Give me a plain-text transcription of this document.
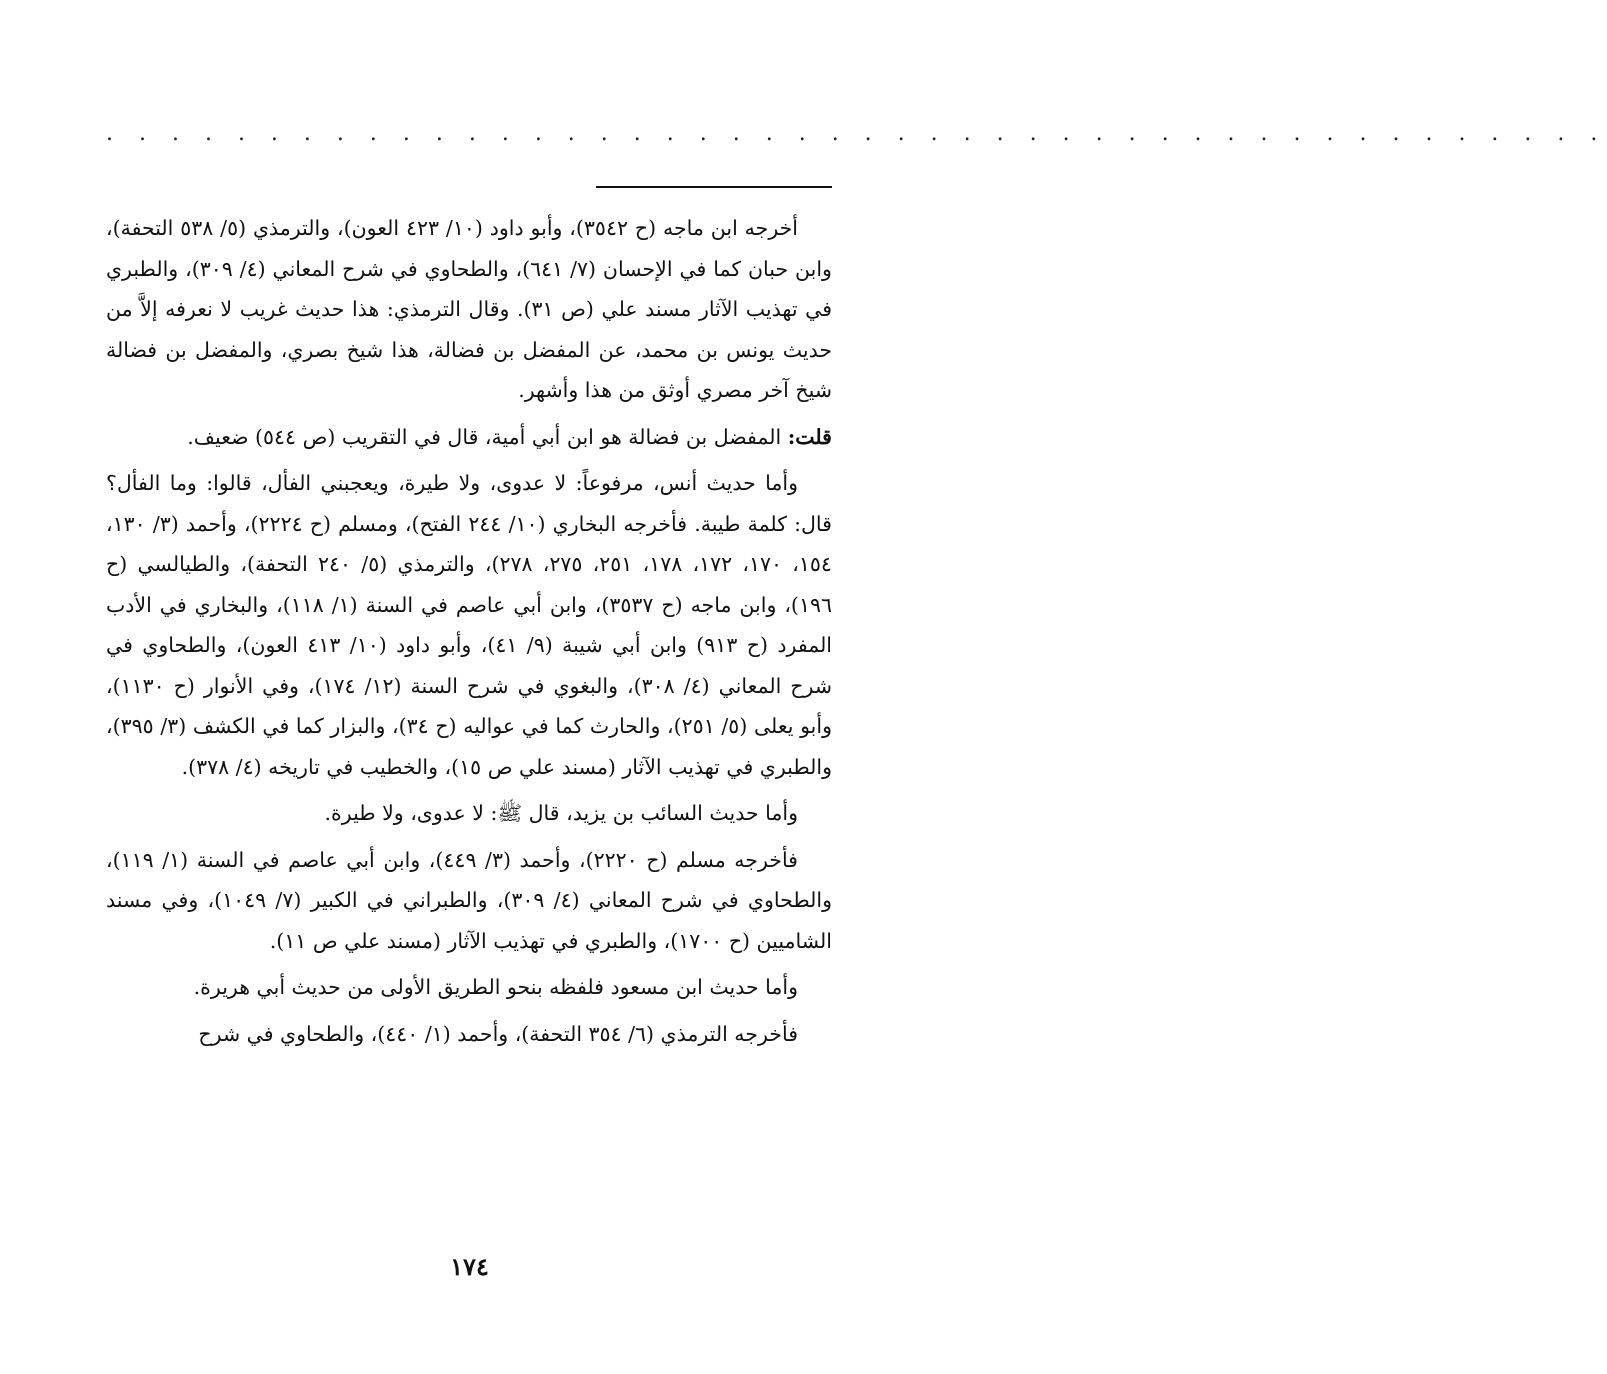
. . . . . . . . . . . . . . . . . . . . . . . . . . . . . . . . . . . . . . . . . . . . . .

أخرجه ابن ماجه (ح ٣٥٤٢)، وأبو داود (١٠/ ٤٢٣ العون)، والترمذي (٥/ ٥٣٨ التحفة)، وابن حبان كما في الإحسان (٧/ ٦٤١)، والطحاوي في شرح المعاني (٤/ ٣٠٩)، والطبري في تهذيب الآثار مسند علي (ص ٣١). وقال الترمذي: هذا حديث غريب لا نعرفه إلاَّ من حديث يونس بن محمد، عن المفضل بن فضالة، هذا شيخ بصري، والمفضل بن فضالة شيخ آخر مصري أوثق من هذا وأشهر.

قلت: المفضل بن فضالة هو ابن أبي أمية، قال في التقريب (ص ٥٤٤) ضعيف.

وأما حديث أنس، مرفوعاً: لا عدوى، ولا طيرة، ويعجبني الفأل، قالوا: وما الفأل؟ قال: كلمة طيبة. فأخرجه البخاري (١٠/ ٢٤٤ الفتح)، ومسلم (ح ٢٢٢٤)، وأحمد (٣/ ١٣٠، ١٥٤، ١٧٠، ١٧٢، ١٧٨، ٢٥١، ٢٧٥، ٢٧٨)، والترمذي (٥/ ٢٤٠ التحفة)، والطيالسي (ح ١٩٦)، وابن ماجه (ح ٣٥٣٧)، وابن أبي عاصم في السنة (١/ ١١٨)، والبخاري في الأدب المفرد (ح ٩١٣) وابن أبي شيبة (٩/ ٤١)، وأبو داود (١٠/ ٤١٣ العون)، والطحاوي في شرح المعاني (٤/ ٣٠٨)، والبغوي في شرح السنة (١٢/ ١٧٤)، وفي الأنوار (ح ١١٣٠)، وأبو يعلى (٥/ ٢٥١)، والحارث كما في عواليه (ح ٣٤)، والبزار كما في الكشف (٣/ ٣٩٥)، والطبري في تهذيب الآثار (مسند علي ص ١٥)، والخطيب في تاريخه (٤/ ٣٧٨).

وأما حديث السائب بن يزيد، قال ﷺ: لا عدوى، ولا طيرة.

فأخرجه مسلم (ح ٢٢٢٠)، وأحمد (٣/ ٤٤٩)، وابن أبي عاصم في السنة (١/ ١١٩)، والطحاوي في شرح المعاني (٤/ ٣٠٩)، والطبراني في الكبير (٧/ ١٠٤٩)، وفي مسند الشاميين (ح ١٧٠٠)، والطبري في تهذيب الآثار (مسند علي ص ١١).

وأما حديث ابن مسعود فلفظه بنحو الطريق الأولى من حديث أبي هريرة.

فأخرجه الترمذي (٦/ ٣٥٤ التحفة)، وأحمد (١/ ٤٤٠)، والطحاوي في شرح

١٧٤
